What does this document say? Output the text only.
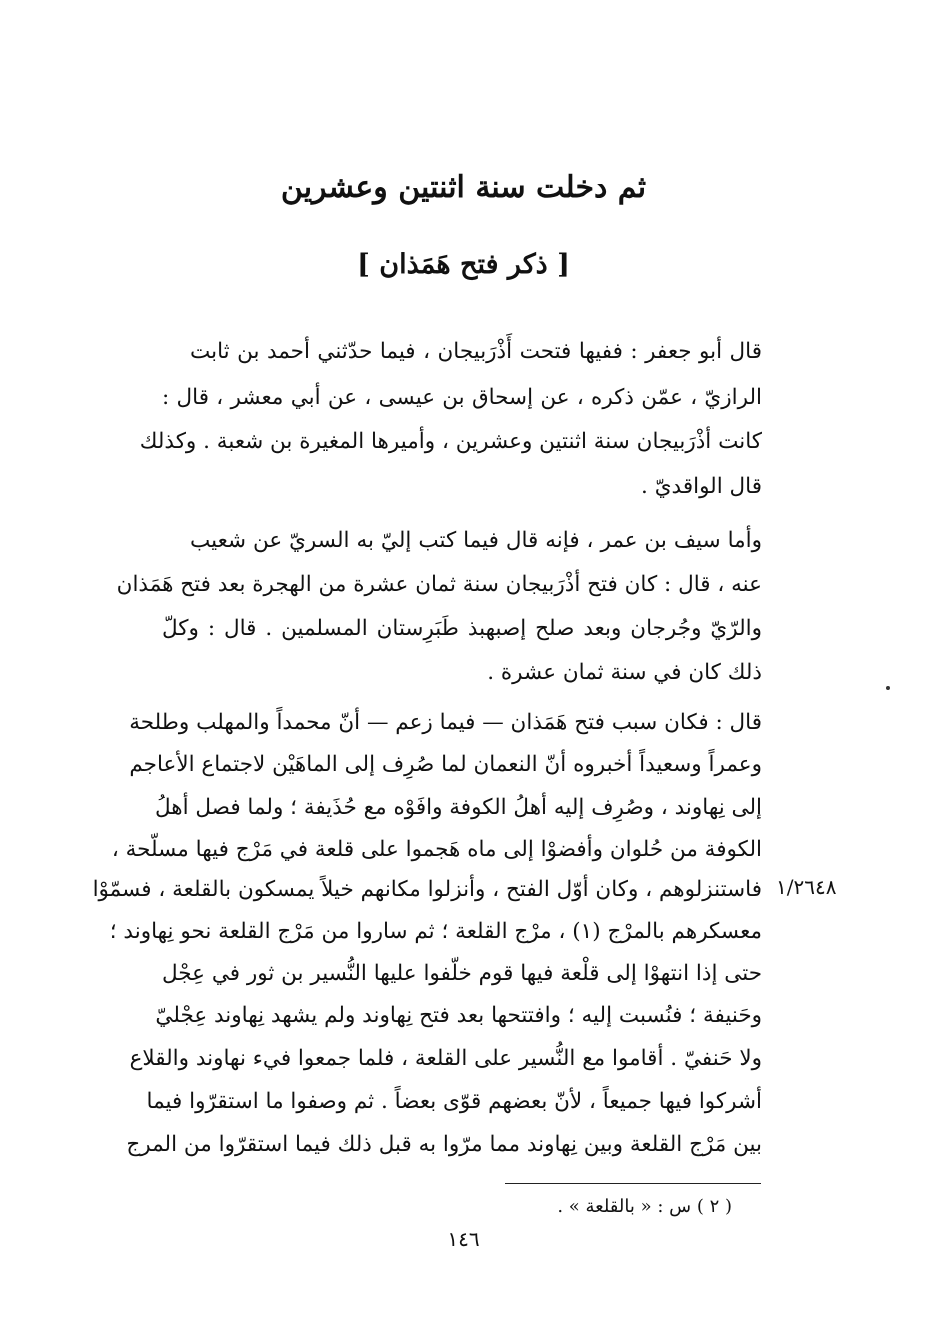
ثم دخلت سنة اثنتين وعشرين
[ ذكر فتح هَمَذان ]
قال أبو جعفر : ففيها فتحت أَذْرَبيجان ، فيما حدّثني أحمد بن ثابت
الرازيّ ، عمّن ذكره ، عن إسحاق بن عيسى ، عن أبي معشر ، قال :
كانت أذْرَبيجان سنة اثنتين وعشرين ، وأميرها المغيرة بن شعبة . وكذلك
قال الواقديّ .
وأما سيف بن عمر ، فإنه قال فيما كتب إليّ به السريّ عن شعيب
عنه ، قال : كان فتح أذْرَبيجان سنة ثمان عشرة من الهجرة بعد فتح هَمَذان
والرّيّ وجُرجان وبعد صلح إصبهبذ طَبَرِستان المسلمين . قال : وكلّ
ذلك كان في سنة ثمان عشرة .
قال : فكان سبب فتح هَمَذان — فيما زعم — أنّ محمداً والمهلب وطلحة
وعمراً وسعيداً أخبروه أنّ النعمان لما صُرِف إلى الماهَيْن لاجتماع الأعاجم
إلى نِهاوند ، وصُرِف إليه أهلُ الكوفة وافَوْه مع حُذَيفة ؛ ولما فصل أهلُ
الكوفة من حُلوان وأفضوْا إلى ماه هَجموا على قلعة في مَرْج فيها مسلّحة ،
فاستنزلوهم ، وكان أوّل الفتح ، وأنزلوا مكانهم خيلاً يمسكون بالقلعة ، فسمّوْا
معسكرهم بالمرْج (١) ، مرْج القلعة ؛ ثم ساروا من مَرْج القلعة نحو نِهاوند ؛
حتى إذا انتهوْا إلى قلْعة فيها قوم خلّفوا عليها النُّسير بن ثور في عِجْل
وحَنيفة ؛ فنُسبت إليه ؛ وافتتحها بعد فتح نِهاوند ولم يشهد نِهاوند عِجْليّ
ولا حَنفيّ . أقاموا مع النُّسير على القلعة ، فلما جمعوا فيء نهاوند والقلاع
أشركوا فيها جميعاً ، لأنّ بعضهم قوّى بعضاً . ثم وصفوا ما استقرّوا فيما
بين مَرْج القلعة وبين نِهاوند مما مرّوا به قبل ذلك فيما استقرّوا من المرج
١/٢٦٤٨
( ٢ ) س : « بالقلعة » .
١٤٦
